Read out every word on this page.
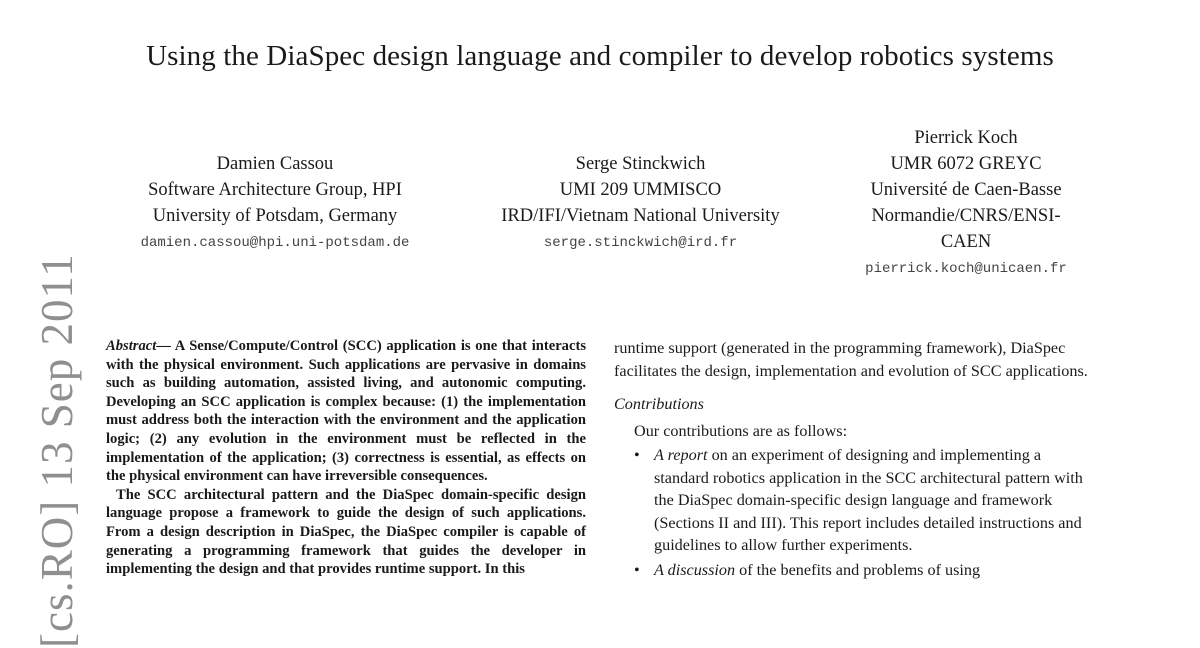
Using the DiaSpec design language and compiler to develop robotics systems
Damien Cassou
Software Architecture Group, HPI
University of Potsdam, Germany
damien.cassou@hpi.uni-potsdam.de
Serge Stinckwich
UMI 209 UMMISCO
IRD/IFI/Vietnam National University
serge.stinckwich@ird.fr
Pierrick Koch
UMR 6072 GREYC
Université de Caen-Basse
Normandie/CNRS/ENSI-
CAEN
pierrick.koch@unicaen.fr
[cs.RO] 13 Sep 2011 Abstract— A Sense/Compute/Control (SCC) application is one that interacts with the physical environment. Such applications are pervasive in domains such as building automation, assisted living, and autonomic computing. Developing an SCC application is complex because: (1) the implementation must address both the interaction with the environment and the application logic; (2) any evolution in the environment must be reflected in the implementation of the application; (3) correctness is essential, as effects on the physical environment can have irreversible consequences.

The SCC architectural pattern and the DiaSpec domain-specific design language propose a framework to guide the design of such applications. From a design description in DiaSpec, the DiaSpec compiler is capable of generating a programming framework that guides the developer in implementing the design and that provides runtime support. In this

runtime support (generated in the programming framework), DiaSpec facilitates the design, implementation and evolution of SCC applications.

Contributions

Our contributions are as follows:

• A report on an experiment of designing and implementing a standard robotics application in the SCC architectural pattern with the DiaSpec domain-specific design language and framework (Sections II and III). This report includes detailed instructions and guidelines to allow further experiments.
• A discussion of the benefits and problems of using
